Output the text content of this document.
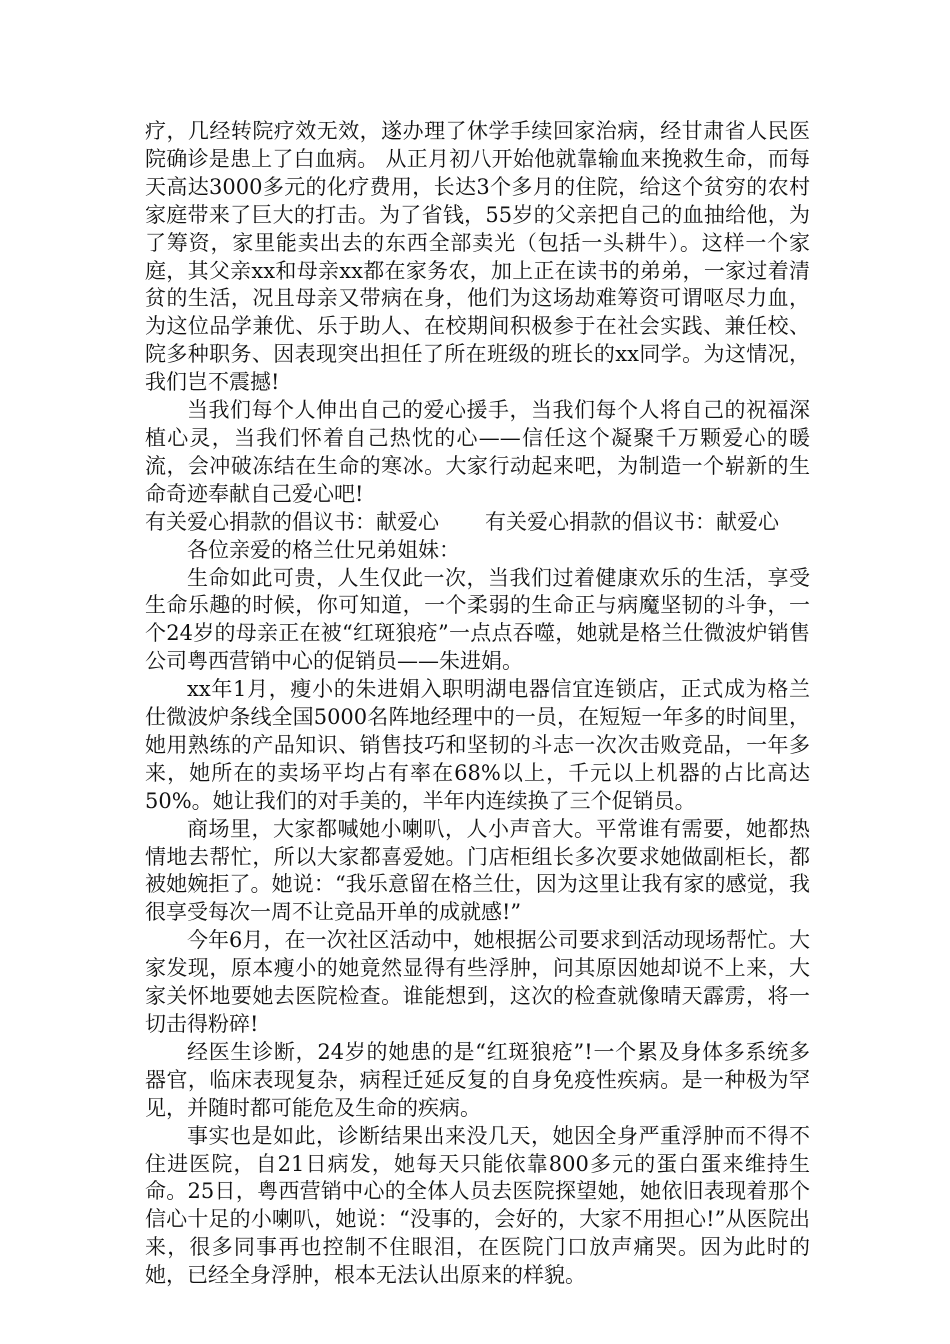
疗，几经转院疗效无效，遂办理了休学手续回家治病，经甘肃省人民医院确诊是患上了白血病。 从正月初八开始他就靠输血来挽救生命，而每天高达3000多元的化疗费用，长达3个多月的住院，给这个贫穷的农村家庭带来了巨大的打击。为了省钱，55岁的父亲把自己的血抽给他，为了筹资，家里能卖出去的东西全部卖光（包括一头耕牛）。这样一个家庭，其父亲xx和母亲xx都在家务农，加上正在读书的弟弟，一家过着清贫的生活，况且母亲又带病在身，他们为这场劫难筹资可谓呕尽力血，为这位品学兼优、乐于助人、在校期间积极参于在社会实践、兼任校、院多种职务、因表现突出担任了所在班级的班长的xx同学。为这情况，我们岂不震撼!

当我们每个人伸出自己的爱心援手，当我们每个人将自己的祝福深植心灵，当我们怀着自己热忱的心——信任这个凝聚千万颗爱心的暖流，会冲破冻结在生命的寒冰。大家行动起来吧，为制造一个崭新的生命奇迹奉献自己爱心吧!

有关爱心捐款的倡议书：献爱心 有关爱心捐款的倡议书：献爱心

各位亲爱的格兰仕兄弟姐妹：

生命如此可贵，人生仅此一次，当我们过着健康欢乐的生活，享受生命乐趣的时候，你可知道，一个柔弱的生命正与病魔坚韧的斗争，一个24岁的母亲正在被“红斑狼疮”一点点吞噬，她就是格兰仕微波炉销售公司粤西营销中心的促销员——朱进娟。

xx年1月，瘦小的朱进娟入职明湖电器信宜连锁店，正式成为格兰仕微波炉条线全国5000名阵地经理中的一员，在短短一年多的时间里，她用熟练的产品知识、销售技巧和坚韧的斗志一次次击败竞品，一年多来，她所在的卖场平均占有率在68%以上，千元以上机器的占比高达50%。她让我们的对手美的，半年内连续换了三个促销员。

商场里，大家都喊她小喇叭，人小声音大。平常谁有需要，她都热情地去帮忙，所以大家都喜爱她。门店柜组长多次要求她做副柜长，都被她婉拒了。她说：“我乐意留在格兰仕，因为这里让我有家的感觉，我很享受每次一周不让竞品开单的成就感!”

今年6月，在一次社区活动中，她根据公司要求到活动现场帮忙。大家发现，原本瘦小的她竟然显得有些浮肿，问其原因她却说不上来，大家关怀地要她去医院检查。谁能想到，这次的检查就像晴天霹雳，将一切击得粉碎!

经医生诊断，24岁的她患的是“红斑狼疮”!一个累及身体多系统多器官，临床表现复杂，病程迁延反复的自身免疫性疾病。是一种极为罕见，并随时都可能危及生命的疾病。

事实也是如此，诊断结果出来没几天，她因全身严重浮肿而不得不住进医院，自21日病发，她每天只能依靠800多元的蛋白蛋来维持生命。25日，粤西营销中心的全体人员去医院探望她，她依旧表现着那个信心十足的小喇叭，她说：“没事的，会好的，大家不用担心!”从医院出来，很多同事再也控制不住眼泪，在医院门口放声痛哭。因为此时的她，已经全身浮肿，根本无法认出原来的样貌。
